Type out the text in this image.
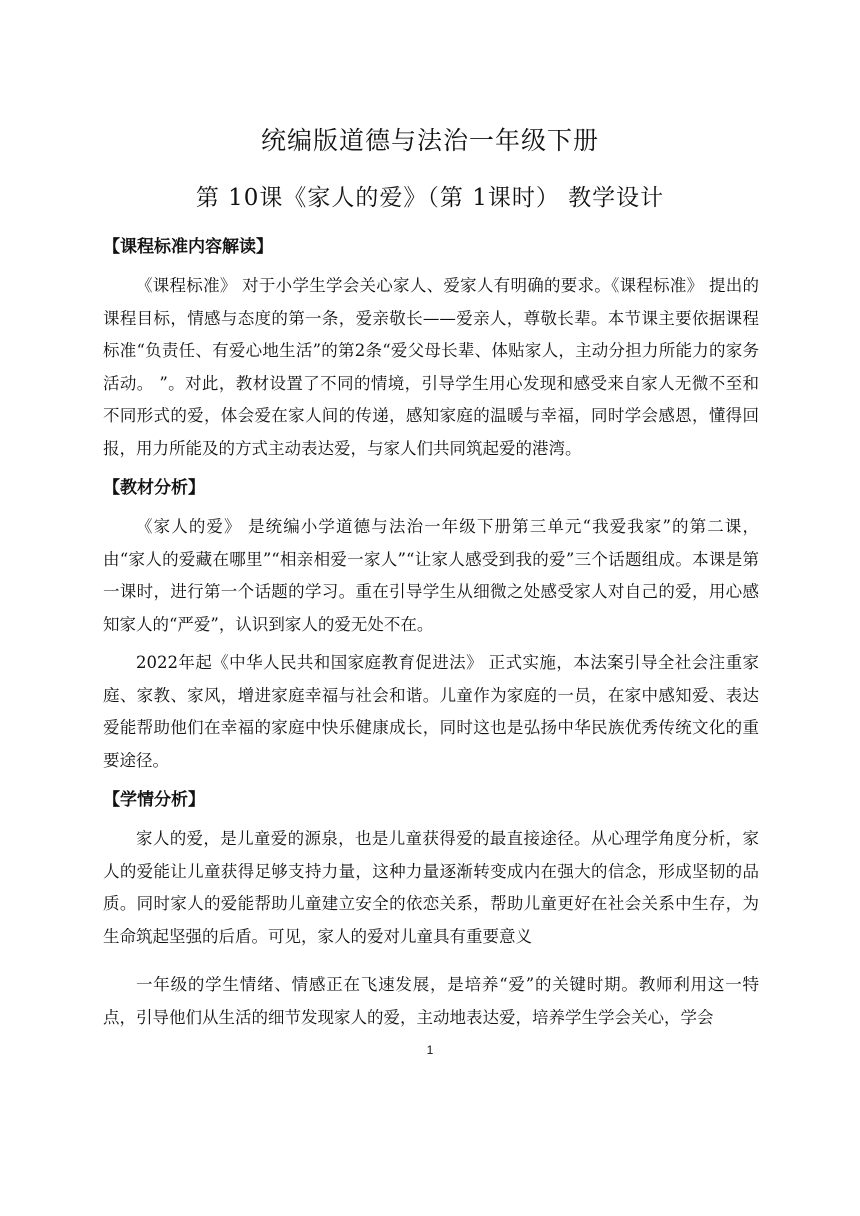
统编版道德与法治一年级下册
第 10课《家人的爱》（第 1课时） 教学设计
【课程标准内容解读】

《课程标准》 对于小学生学会关心家人、爱家人有明确的要求。《课程标准》 提出的课程目标，情感与态度的第一条，爱亲敬长——爱亲人，尊敬长辈。本节课主要依据课程标准“负责任、有爱心地生活”的第2条“爱父母长辈、体贴家人，主动分担力所能力的家务活动。 ”。对此，教材设置了不同的情境，引导学生用心发现和感受来自家人无微不至和不同形式的爱，体会爱在家人间的传递，感知家庭的温暖与幸福，同时学会感恩，懂得回报，用力所能及的方式主动表达爱，与家人们共同筑起爱的港湾。

【教材分析】

《家人的爱》 是统编小学道德与法治一年级下册第三单元“我爱我家”的第二课，由“家人的爱藏在哪里”“相亲相爱一家人”“让家人感受到我的爱”三个话题组成。本课是第一课时，进行第一个话题的学习。重在引导学生从细微之处感受家人对自己的爱，用心感知家人的“严爱”，认识到家人的爱无处不在。

2022年起《中华人民共和国家庭教育促进法》 正式实施，本法案引导全社会注重家庭、家教、家风，增进家庭幸福与社会和谐。儿童作为家庭的一员，在家中感知爱、表达爱能帮助他们在幸福的家庭中快乐健康成长，同时这也是弘扬中华民族优秀传统文化的重要途径。

【学情分析】

家人的爱，是儿童爱的源泉，也是儿童获得爱的最直接途径。从心理学角度分析，家人的爱能让儿童获得足够支持力量，这种力量逐渐转变成内在强大的信念，形成坚韧的品质。同时家人的爱能帮助儿童建立安全的依恋关系，帮助儿童更好在社会关系中生存，为生命筑起坚强的后盾。可见，家人的爱对儿童具有重要意义

一年级的学生情绪、情感正在飞速发展，是培养“爱”的关键时期。教师利用这一特点，引导他们从生活的细节发现家人的爱，主动地表达爱，培养学生学会关心，学会

1
